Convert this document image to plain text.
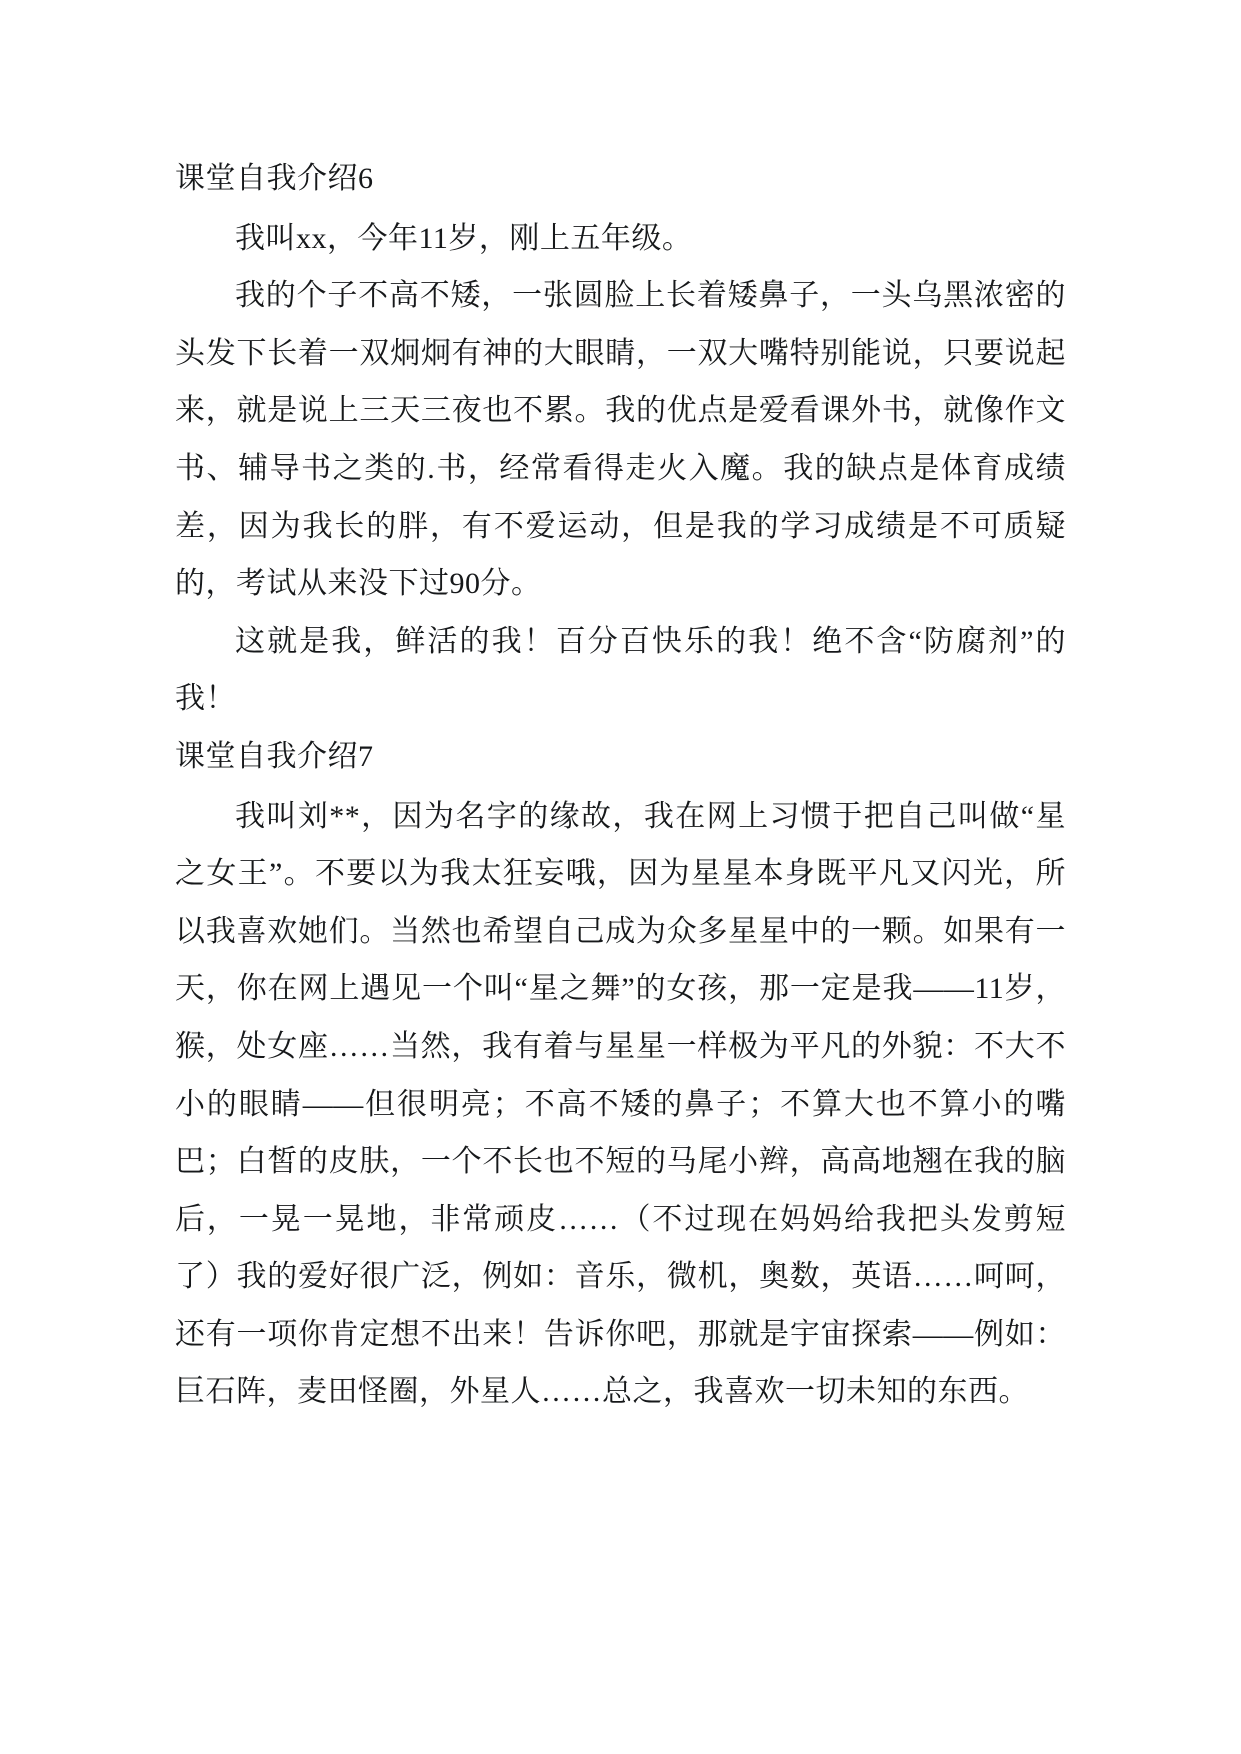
课堂自我介绍6

我叫xx，今年11岁，刚上五年级。

我的个子不高不矮，一张圆脸上长着矮鼻子，一头乌黑浓密的头发下长着一双炯炯有神的大眼睛，一双大嘴特别能说，只要说起来，就是说上三天三夜也不累。我的优点是爱看课外书，就像作文书、辅导书之类的.书，经常看得走火入魔。我的缺点是体育成绩差，因为我长的胖，有不爱运动，但是我的学习成绩是不可质疑的，考试从来没下过90分。

这就是我，鲜活的我！百分百快乐的我！绝不含“防腐剂”的我！

课堂自我介绍7

我叫刘**，因为名字的缘故，我在网上习惯于把自己叫做“星之女王”。不要以为我太狂妄哦，因为星星本身既平凡又闪光，所以我喜欢她们。当然也希望自己成为众多星星中的一颗。如果有一天，你在网上遇见一个叫“星之舞”的女孩，那一定是我——11岁，猴，处女座……当然，我有着与星星一样极为平凡的外貌：不大不小的眼睛——但很明亮；不高不矮的鼻子；不算大也不算小的嘴巴；白皙的皮肤，一个不长也不短的马尾小辫，高高地翘在我的脑后，一晃一晃地，非常顽皮……（不过现在妈妈给我把头发剪短了）我的爱好很广泛，例如：音乐，微机，奥数，英语……呵呵，还有一项你肯定想不出来！告诉你吧，那就是宇宙探索——例如：巨石阵，麦田怪圈，外星人……总之，我喜欢一切未知的东西。
